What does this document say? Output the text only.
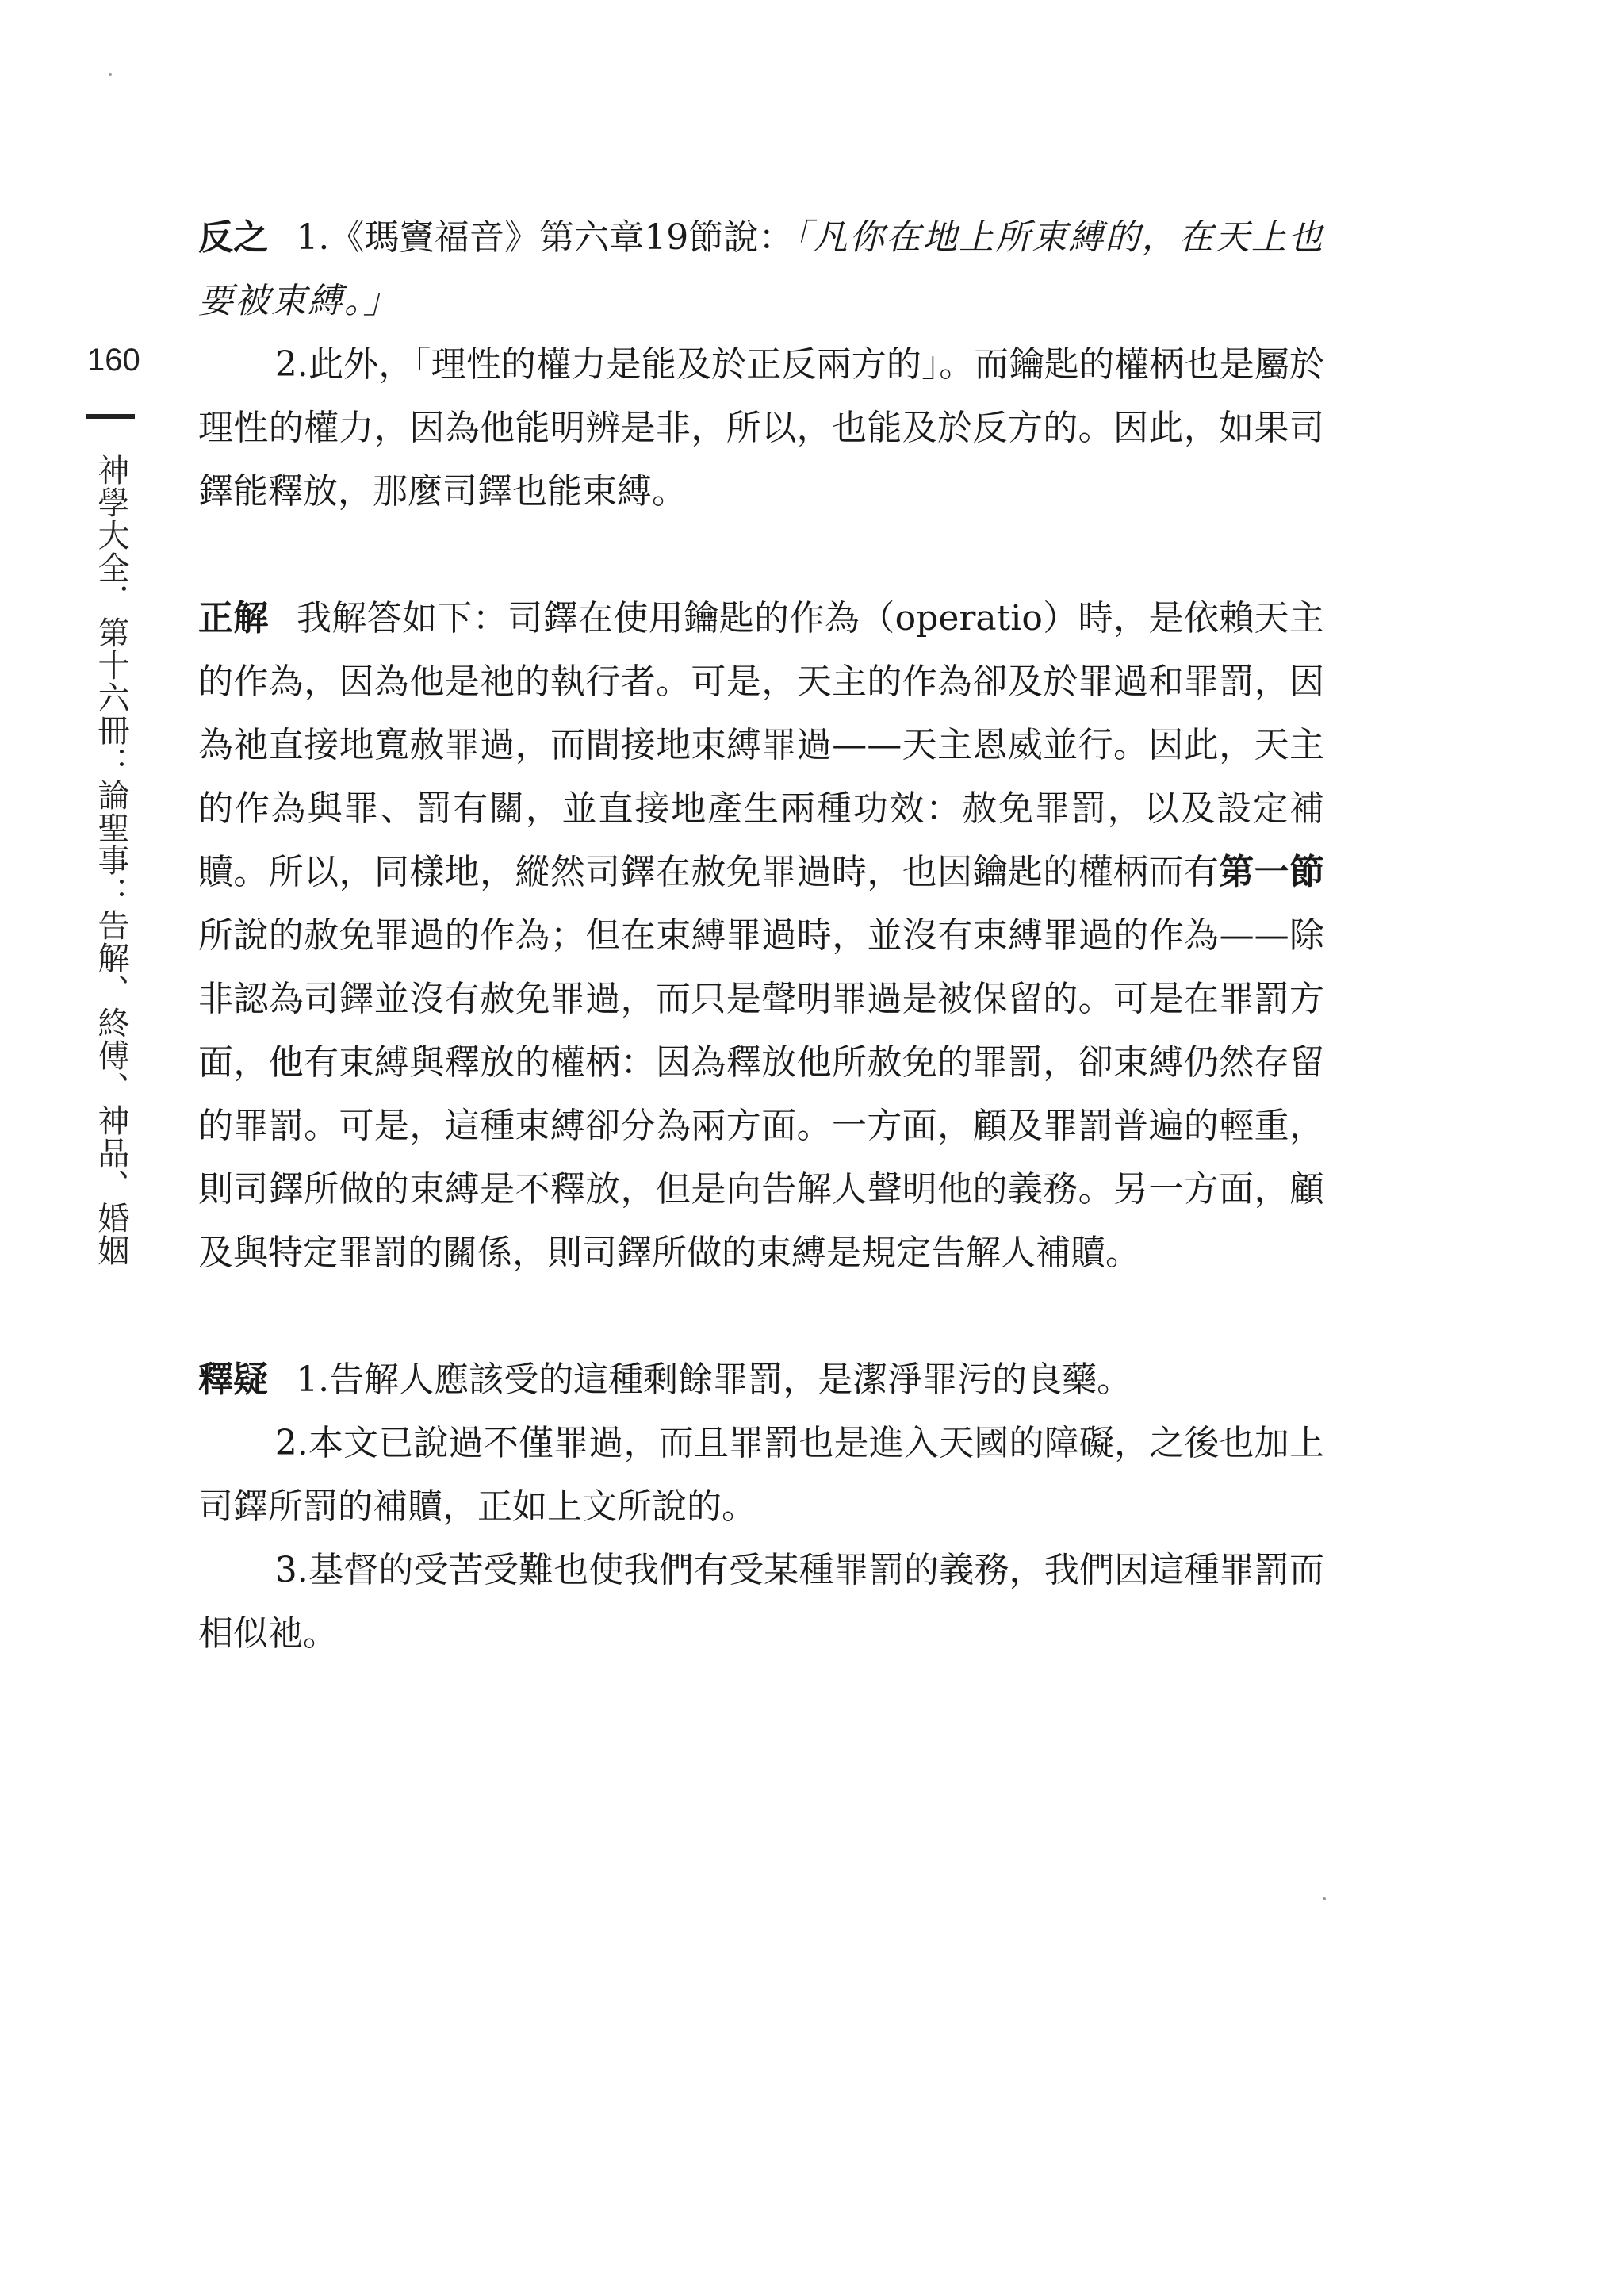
160
神學大全．第十六冊：論聖事：告解、終傅、神品、婚姻

反之 1.《瑪竇福音》第六章19節說：「凡你在地上所束縛的，在天上也要被束縛。」

2.此外，「理性的權力是能及於正反兩方的」。而鑰匙的權柄也是屬於理性的權力，因為他能明辨是非，所以，也能及於反方的。因此，如果司鐸能釋放，那麼司鐸也能束縛。

正解 我解答如下：司鐸在使用鑰匙的作為（operatio）時，是依賴天主的作為，因為他是祂的執行者。可是，天主的作為卻及於罪過和罪罰，因為祂直接地寬赦罪過，而間接地束縛罪過——天主恩威並行。因此，天主的作為與罪、罰有關，並直接地產生兩種功效：赦免罪罰，以及設定補贖。所以，同樣地，縱然司鐸在赦免罪過時，也因鑰匙的權柄而有第一節所說的赦免罪過的作為；但在束縛罪過時，並沒有束縛罪過的作為——除非認為司鐸並沒有赦免罪過，而只是聲明罪過是被保留的。可是在罪罰方面，他有束縛與釋放的權柄：因為釋放他所赦免的罪罰，卻束縛仍然存留的罪罰。可是，這種束縛卻分為兩方面。一方面，顧及罪罰普遍的輕重，則司鐸所做的束縛是不釋放，但是向告解人聲明他的義務。另一方面，顧及與特定罪罰的關係，則司鐸所做的束縛是規定告解人補贖。

釋疑 1.告解人應該受的這種剩餘罪罰，是潔淨罪污的良藥。

2.本文已說過不僅罪過，而且罪罰也是進入天國的障礙，之後也加上司鐸所罰的補贖，正如上文所說的。

3.基督的受苦受難也使我們有受某種罪罰的義務，我們因這種罪罰而相似祂。
